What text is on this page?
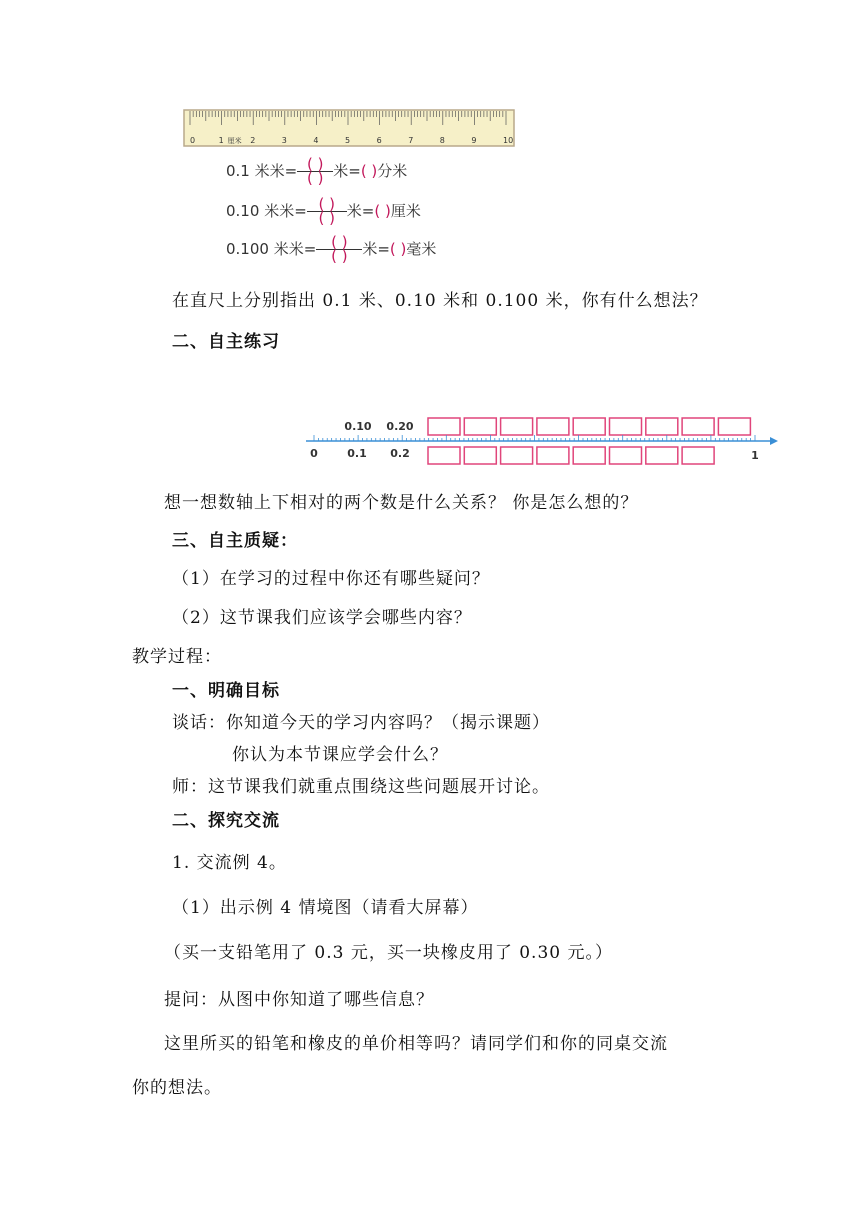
0	1	2	3	4	5	6	7	8	9	10
厘米
0.1 米米= ( )

( ) 米=( )分米
0.10 米米= ( )

( ) 米=( )厘米
0.100 米米= ( )

( ) 米=( )毫米
在直尺上分别指出 0.1 米、0.10 米和 0.100 米，你有什么想法？
二、自主练习
0.10 0.20
0	0.1 0.2	1
想一想数轴上下相对的两个数是什么关系？ 你是怎么想的？
三、自主质疑：
（1）在学习的过程中你还有哪些疑问？
（2）这节课我们应该学会哪些内容？
教学过程：
一、明确目标
谈话：你知道今天的学习内容吗？（揭示课题）
你认为本节课应学会什么？
师：这节课我们就重点围绕这些问题展开讨论。
二、探究交流
1. 交流例 4。
（1）出示例 4 情境图（请看大屏幕）
（买一支铅笔用了 0.3 元，买一块橡皮用了 0.30 元。）
提问：从图中你知道了哪些信息？
这里所买的铅笔和橡皮的单价相等吗？请同学们和你的同桌交流
你的想法。
